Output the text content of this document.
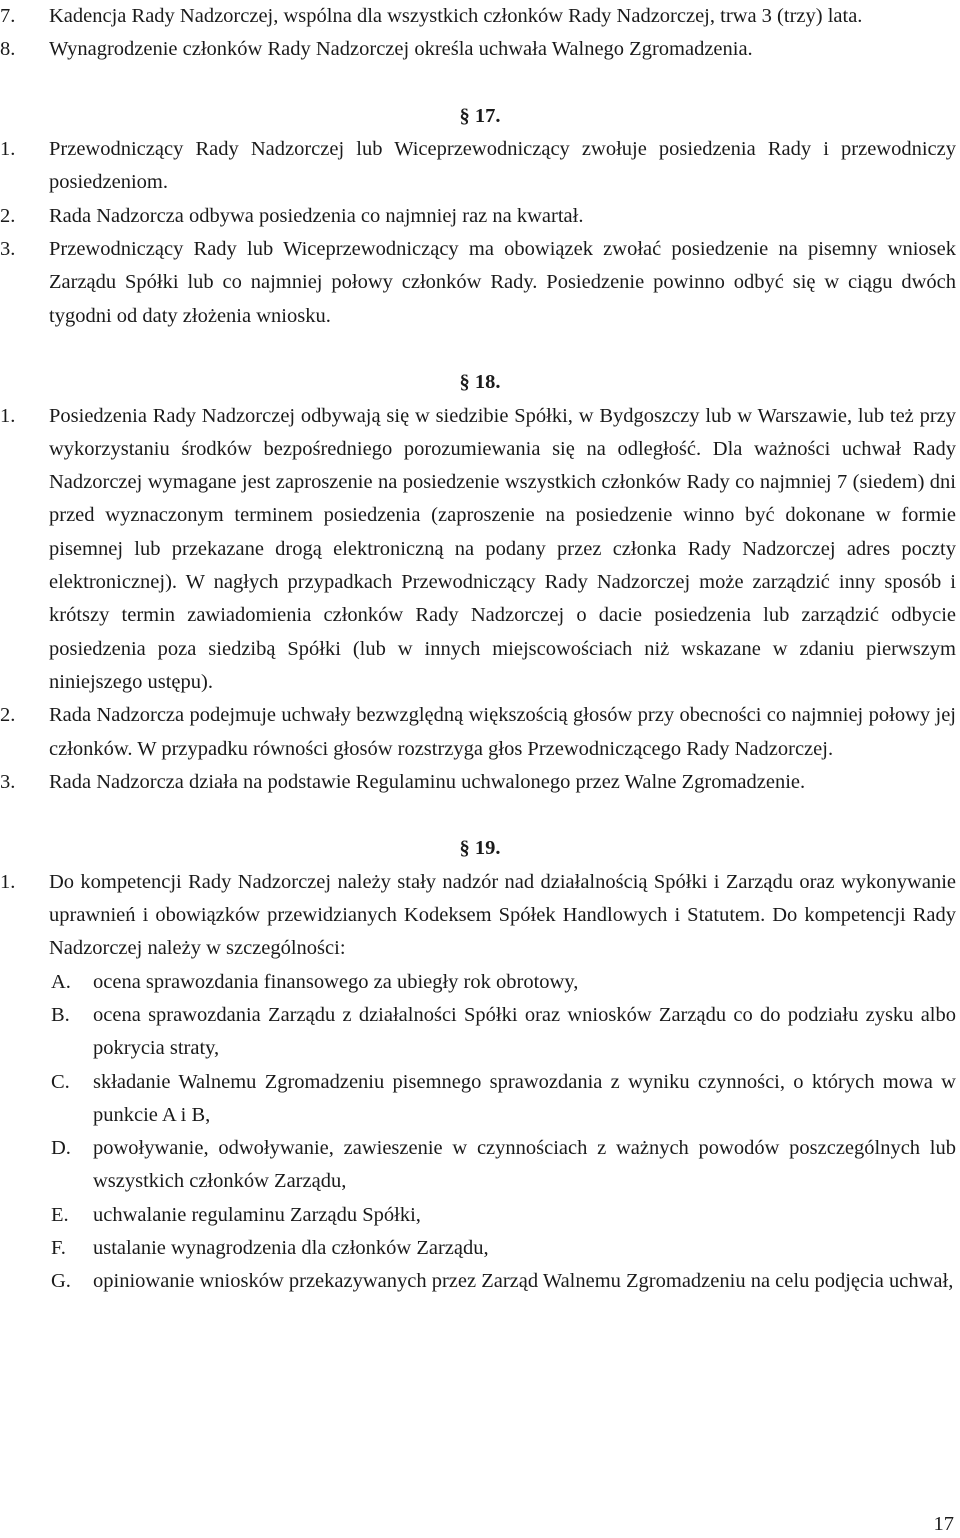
7. Kadencja Rady Nadzorczej, wspólna dla wszystkich członków Rady Nadzorczej, trwa 3 (trzy) lata.
8. Wynagrodzenie członków Rady Nadzorczej określa uchwała Walnego Zgromadzenia.
§ 17.
1. Przewodniczący Rady Nadzorczej lub Wiceprzewodniczący zwołuje posiedzenia Rady i przewodniczy posiedzeniom.
2. Rada Nadzorcza odbywa posiedzenia co najmniej raz na kwartał.
3. Przewodniczący Rady lub Wiceprzewodniczący ma obowiązek zwołać posiedzenie na pisemny wniosek Zarządu Spółki lub co najmniej połowy członków Rady. Posiedzenie powinno odbyć się w ciągu dwóch tygodni od daty złożenia wniosku.
§ 18.
1. Posiedzenia Rady Nadzorczej odbywają się w siedzibie Spółki, w Bydgoszczy lub w Warszawie, lub też przy wykorzystaniu środków bezpośredniego porozumiewania się na odległość. Dla ważności uchwał Rady Nadzorczej wymagane jest zaproszenie na posiedzenie wszystkich członków Rady co najmniej 7 (siedem) dni przed wyznaczonym terminem posiedzenia (zaproszenie na posiedzenie winno być dokonane w formie pisemnej lub przekazane drogą elektroniczną na podany przez członka Rady Nadzorczej adres poczty elektronicznej). W nagłych przypadkach Przewodniczący Rady Nadzorczej może zarządzić inny sposób i krótszy termin zawiadomienia członków Rady Nadzorczej o dacie posiedzenia lub zarządzić odbycie posiedzenia poza siedzibą Spółki (lub w innych miejscowościach niż wskazane w zdaniu pierwszym niniejszego ustępu).
2. Rada Nadzorcza podejmuje uchwały bezwzględną większością głosów przy obecności co najmniej połowy jej członków. W przypadku równości głosów rozstrzyga głos Przewodniczącego Rady Nadzorczej.
3. Rada Nadzorcza działa na podstawie Regulaminu uchwalonego przez Walne Zgromadzenie.
§ 19.
1. Do kompetencji Rady Nadzorczej należy stały nadzór nad działalnością Spółki i Zarządu oraz wykonywanie uprawnień i obowiązków przewidzianych Kodeksem Spółek Handlowych i Statutem. Do kompetencji Rady Nadzorczej należy w szczególności:
A. ocena sprawozdania finansowego za ubiegły rok obrotowy,
B. ocena sprawozdania Zarządu z działalności Spółki oraz wniosków Zarządu co do podziału zysku albo pokrycia straty,
C. składanie Walnemu Zgromadzeniu pisemnego sprawozdania z wyniku czynności, o których mowa w punkcie A i B,
D. powoływanie, odwoływanie, zawieszenie w czynnościach z ważnych powodów poszczególnych lub wszystkich członków Zarządu,
E. uchwalanie regulaminu Zarządu Spółki,
F. ustalanie wynagrodzenia dla członków Zarządu,
G. opiniowanie wniosków przekazywanych przez Zarząd Walnemu Zgromadzeniu na celu podjęcia uchwał,
17
